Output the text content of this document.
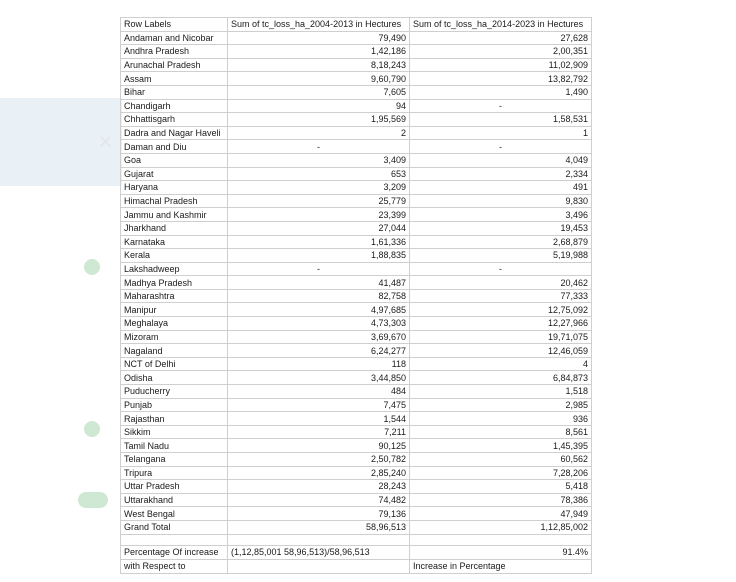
✕
Row Labels	Sum of tc_loss_ha_2004-2013 in Hectures	Sum of tc_loss_ha_2014-2023 in Hectures
Andaman and Nicobar	79,490	27,628
Andhra Pradesh	1,42,186	2,00,351
Arunachal Pradesh	8,18,243	11,02,909
Assam	9,60,790	13,82,792
Bihar	7,605	1,490
Chandigarh	94	-
Chhattisgarh	1,95,569	1,58,531
Dadra and Nagar Haveli	2	1
Daman and Diu	-	-
Goa	3,409	4,049
Gujarat	653	2,334
Haryana	3,209	491
Himachal Pradesh	25,779	9,830
Jammu and Kashmir	23,399	3,496
Jharkhand	27,044	19,453
Karnataka	1,61,336	2,68,879
Kerala	1,88,835	5,19,988
Lakshadweep	-	-
Madhya Pradesh	41,487	20,462
Maharashtra	82,758	77,333
Manipur	4,97,685	12,75,092
Meghalaya	4,73,303	12,27,966
Mizoram	3,69,670	19,71,075
Nagaland	6,24,277	12,46,059
NCT of Delhi	118	4
Odisha	3,44,850	6,84,873
Puducherry	484	1,518
Punjab	7,475	2,985
Rajasthan	1,544	936
Sikkim	7,211	8,561
Tamil Nadu	90,125	1,45,395
Telangana	2,50,782	60,562
Tripura	2,85,240	7,28,206
Uttar Pradesh	28,243	5,418
Uttarakhand	74,482	78,386
West Bengal	79,136	47,949
Grand Total	58,96,513	1,12,85,002

Percentage Of increase	(1,12,85,001 58,96,513)/58,96,513	91.4%
with Respect to		Increase in Percentage
